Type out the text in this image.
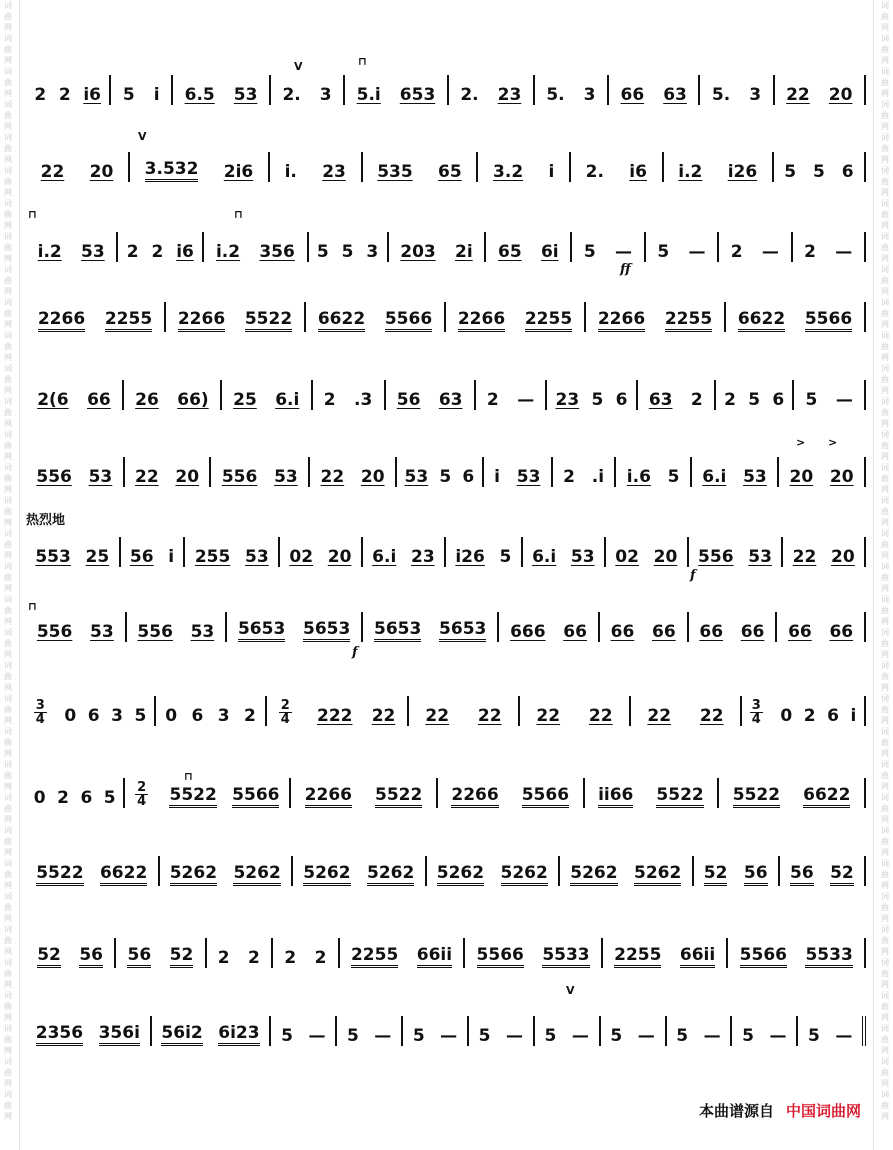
词
曲
网
词
曲
网
词
曲
网
词
曲
网
词
曲
网
词
曲
网
词
曲
网
词
曲
网
词
曲
网
词
曲
网
词
曲
网
词
曲
网
词
曲
网
词
曲
网
词
曲
网
词
曲
网
词
曲
网
词
曲
网
词
曲
网
词
曲
网
词
曲
网
词
曲
网
词
曲
网
词
曲
网
词
曲
网
词
曲
网
词
曲
网
词
曲
网
词
曲
网
词
曲
网
词
曲
网
词
曲
网
词
曲
网
词
曲
网
词
曲
网
词
曲
网
词
曲
网
词
曲
网
词
曲
网
词
曲
网
词
曲
网
词
曲
网
词
曲
网
词
曲
网
词
曲
网
词
曲
网
词
曲
网
词
曲
网
词
曲
网
词
曲
网
词
曲
网
词
曲
网
词
曲
网
词
曲
网
词
曲
网
词
曲
网
词
曲
网
词
曲
网
词
曲
网
词
曲
网
词
曲
网
词
曲
网
词
曲
网
词
曲
网
词
曲
网
词
曲
网
词
曲
网
词
曲
网
热烈地
ff
f
f
⊓	⊓
⊓
⊓
⊓
V
V
V
> >
2 2 i6 5 i 6.5 53 2. 3 5.i 653 2. 23 5. 3 66 63 5. 3 22 20
22 20 3.532 2i6 i. 23 535 65 3.2 i 2. i6 i.2 i26 5 5 6
i.2 53 2 2 i6 i.2 356 5 5 3 203 2i 65 6i 5 — 5 — 2 — 2 —
2266 2255 2266 5522 6622 5566 2266 2255 2266 2255 6622 5566
2(6 66 26 66) 25 6.i 2 .3 56 63 2 — 23 5 6 63 2 2 5 6 5 —
556 53 22 20 556 53 22 20 53 5 6 i 53 2 .i i.6 5 6.i 53 20 20
553 25 56 i 255 53 02 20 6.i 23 i26 5 6.i 53 02 20 556 53 22 20
556 53 556 53 5653 5653 5653 5653 666 66 66 66 66 66 66 66
3
4 0 6 3 5 0 6 3 2
2
4 222 22 22 22 22 22 22 22
3
4 0 2 6 i
0 2 6 5
2
4 5522 5566 2266 5522 2266 5566 ii66 5522 5522 6622
5522 6622 5262 5262 5262 5262 5262 5262 5262 5262 52 56 56 52
52 56 56 52 2 2 2 2 2255 66ii 5566 5533 2255 66ii 5566 5533
2356 356i 56i2 6i23 5 — 5 — 5 — 5 — 5 — 5 — 5 — 5 — 5 —
本曲谱源自 中国词曲网
